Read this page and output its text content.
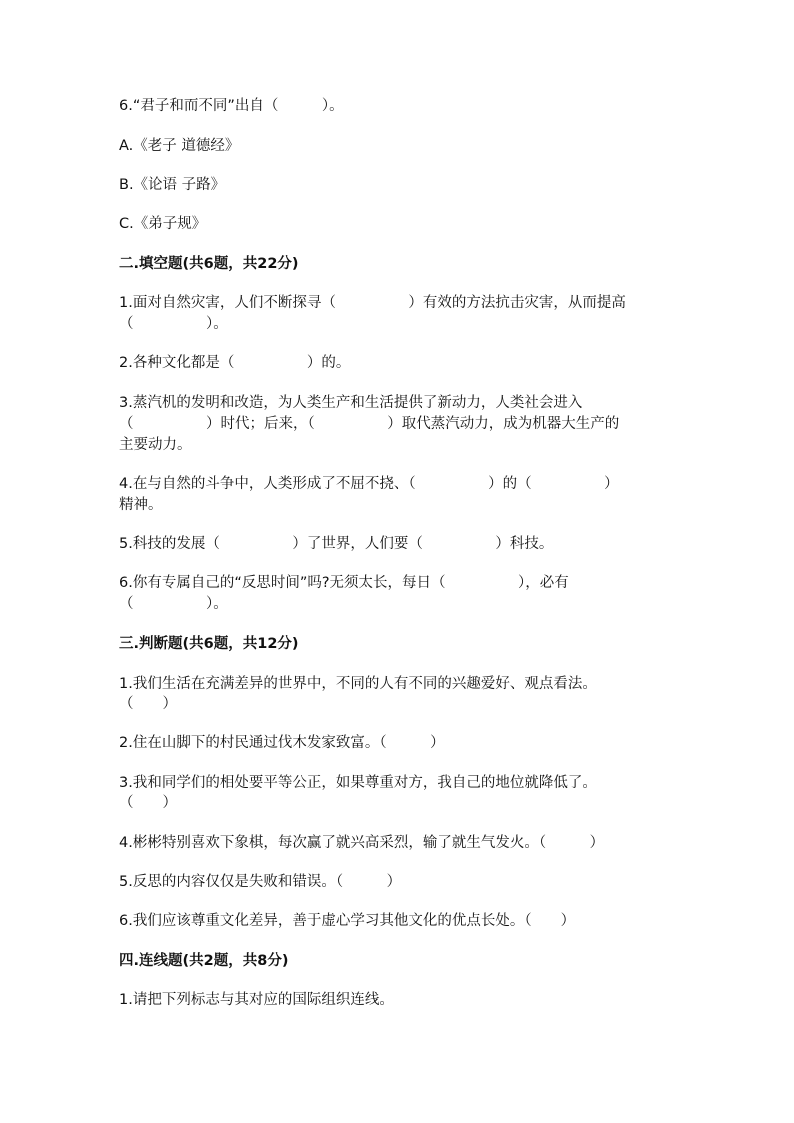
6.“君子和而不同”出自（　　　）。

A.《老子 道德经》

B.《论语 子路》

C.《弟子规》

二.填空题(共6题，共22分)

1.面对自然灾害，人们不断探寻（　　　　　）有效的方法抗击灾害，从而提高

（　　　　　）。

2.各种文化都是（　　　　　）的。

3.蒸汽机的发明和改造，为人类生产和生活提供了新动力，人类社会进入

（　　　　　）时代；后来，（　　　　　）取代蒸汽动力，成为机器大生产的

主要动力。

4.在与自然的斗争中，人类形成了不屈不挠、（　　　　　）的（　　　　　）

精神。

5.科技的发展（　　　　　）了世界，人们要（　　　　　）科技。

6.你有专属自己的“反思时间”吗?无须太长，每日（　　　　　），必有

（　　　　　）。

三.判断题(共6题，共12分)

1.我们生活在充满差异的世界中，不同的人有不同的兴趣爱好、观点看法。

（　　）

2.住在山脚下的村民通过伐木发家致富。（　　　）

3.我和同学们的相处要平等公正，如果尊重对方，我自己的地位就降低了。

（　　）

4.彬彬特别喜欢下象棋，每次赢了就兴高采烈，输了就生气发火。（　　　）

5.反思的内容仅仅是失败和错误。（　　　）

6.我们应该尊重文化差异，善于虚心学习其他文化的优点长处。（　　）

四.连线题(共2题，共8分)

1.请把下列标志与其对应的国际组织连线。
